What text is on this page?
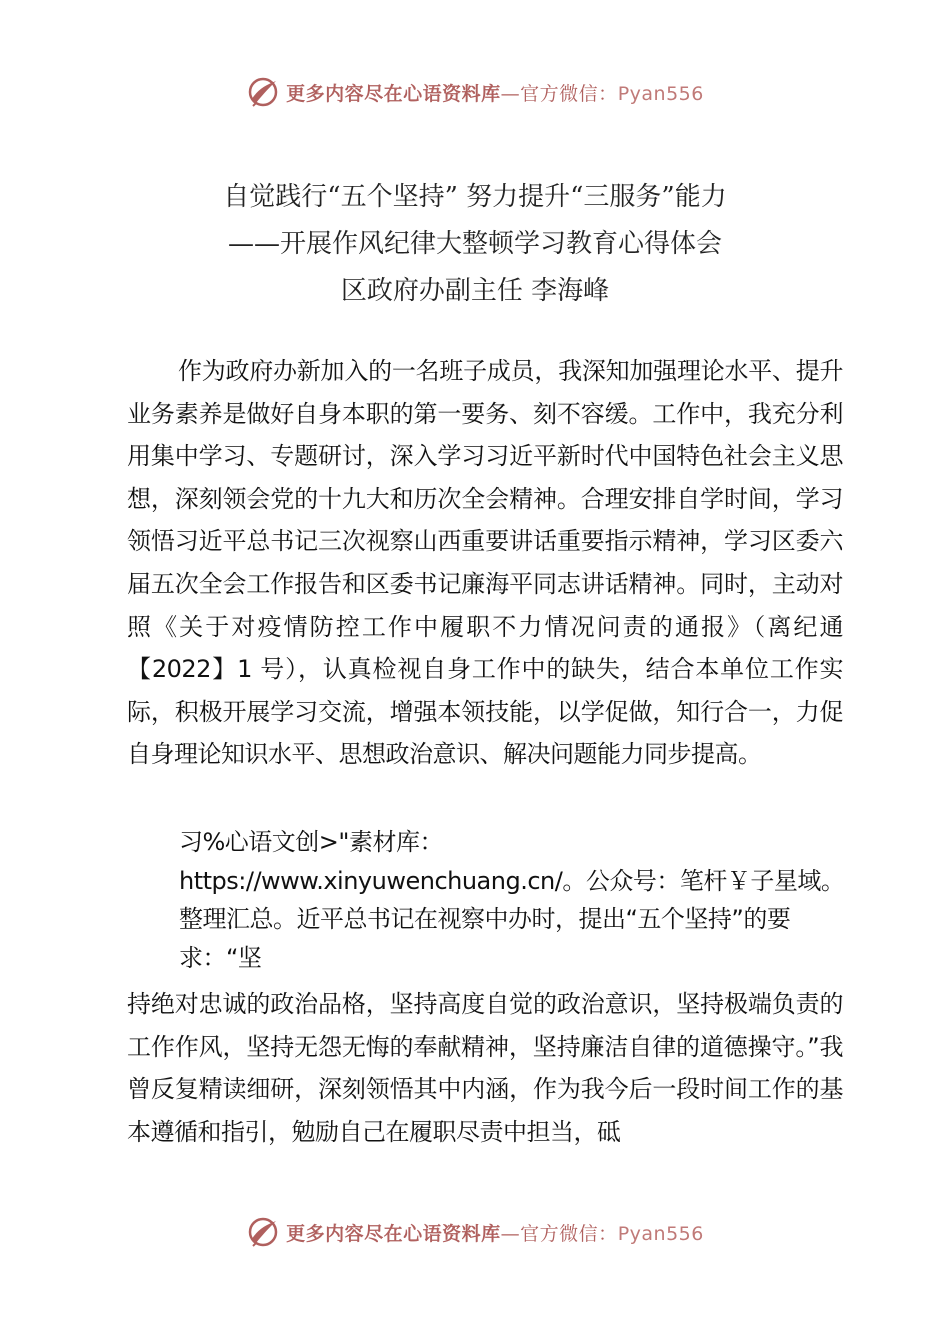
更多内容尽在心语资料库—官方微信：Pyan556
自觉践行“五个坚持” 努力提升“三服务”能力
——开展作风纪律大整顿学习教育心得体会
区政府办副主任 李海峰
作为政府办新加入的一名班子成员，我深知加强理论水平、提升业务素养是做好自身本职的第一要务、刻不容缓。工作中，我充分利用集中学习、专题研讨，深入学习习近平新时代中国特色社会主义思想，深刻领会党的十九大和历次全会精神。合理安排自学时间，学习领悟习近平总书记三次视察山西重要讲话重要指示精神，学习区委六届五次全会工作报告和区委书记廉海平同志讲话精神。同时，主动对照《关于对疫情防控工作中履职不力情况问责的通报》（离纪通【2022】1 号），认真检视自身工作中的缺失，结合本单位工作实际，积极开展学习交流，增强本领技能，以学促做，知行合一，力促自身理论知识水平、思想政治意识、解决问题能力同步提高。
习%心语文创>"素材库：https://www.xinyuwenchuang.cn/。公众号：笔杆￥子星域。整理汇总。近平总书记在视察中办时，提出“五个坚持”的要求：“坚
持绝对忠诚的政治品格，坚持高度自觉的政治意识，坚持极端负责的工作作风，坚持无怨无悔的奉献精神，坚持廉洁自律的道德操守。”我曾反复精读细研，深刻领悟其中内涵，作为我今后一段时间工作的基本遵循和指引，勉励自己在履职尽责中担当，砥
更多内容尽在心语资料库—官方微信：Pyan556
